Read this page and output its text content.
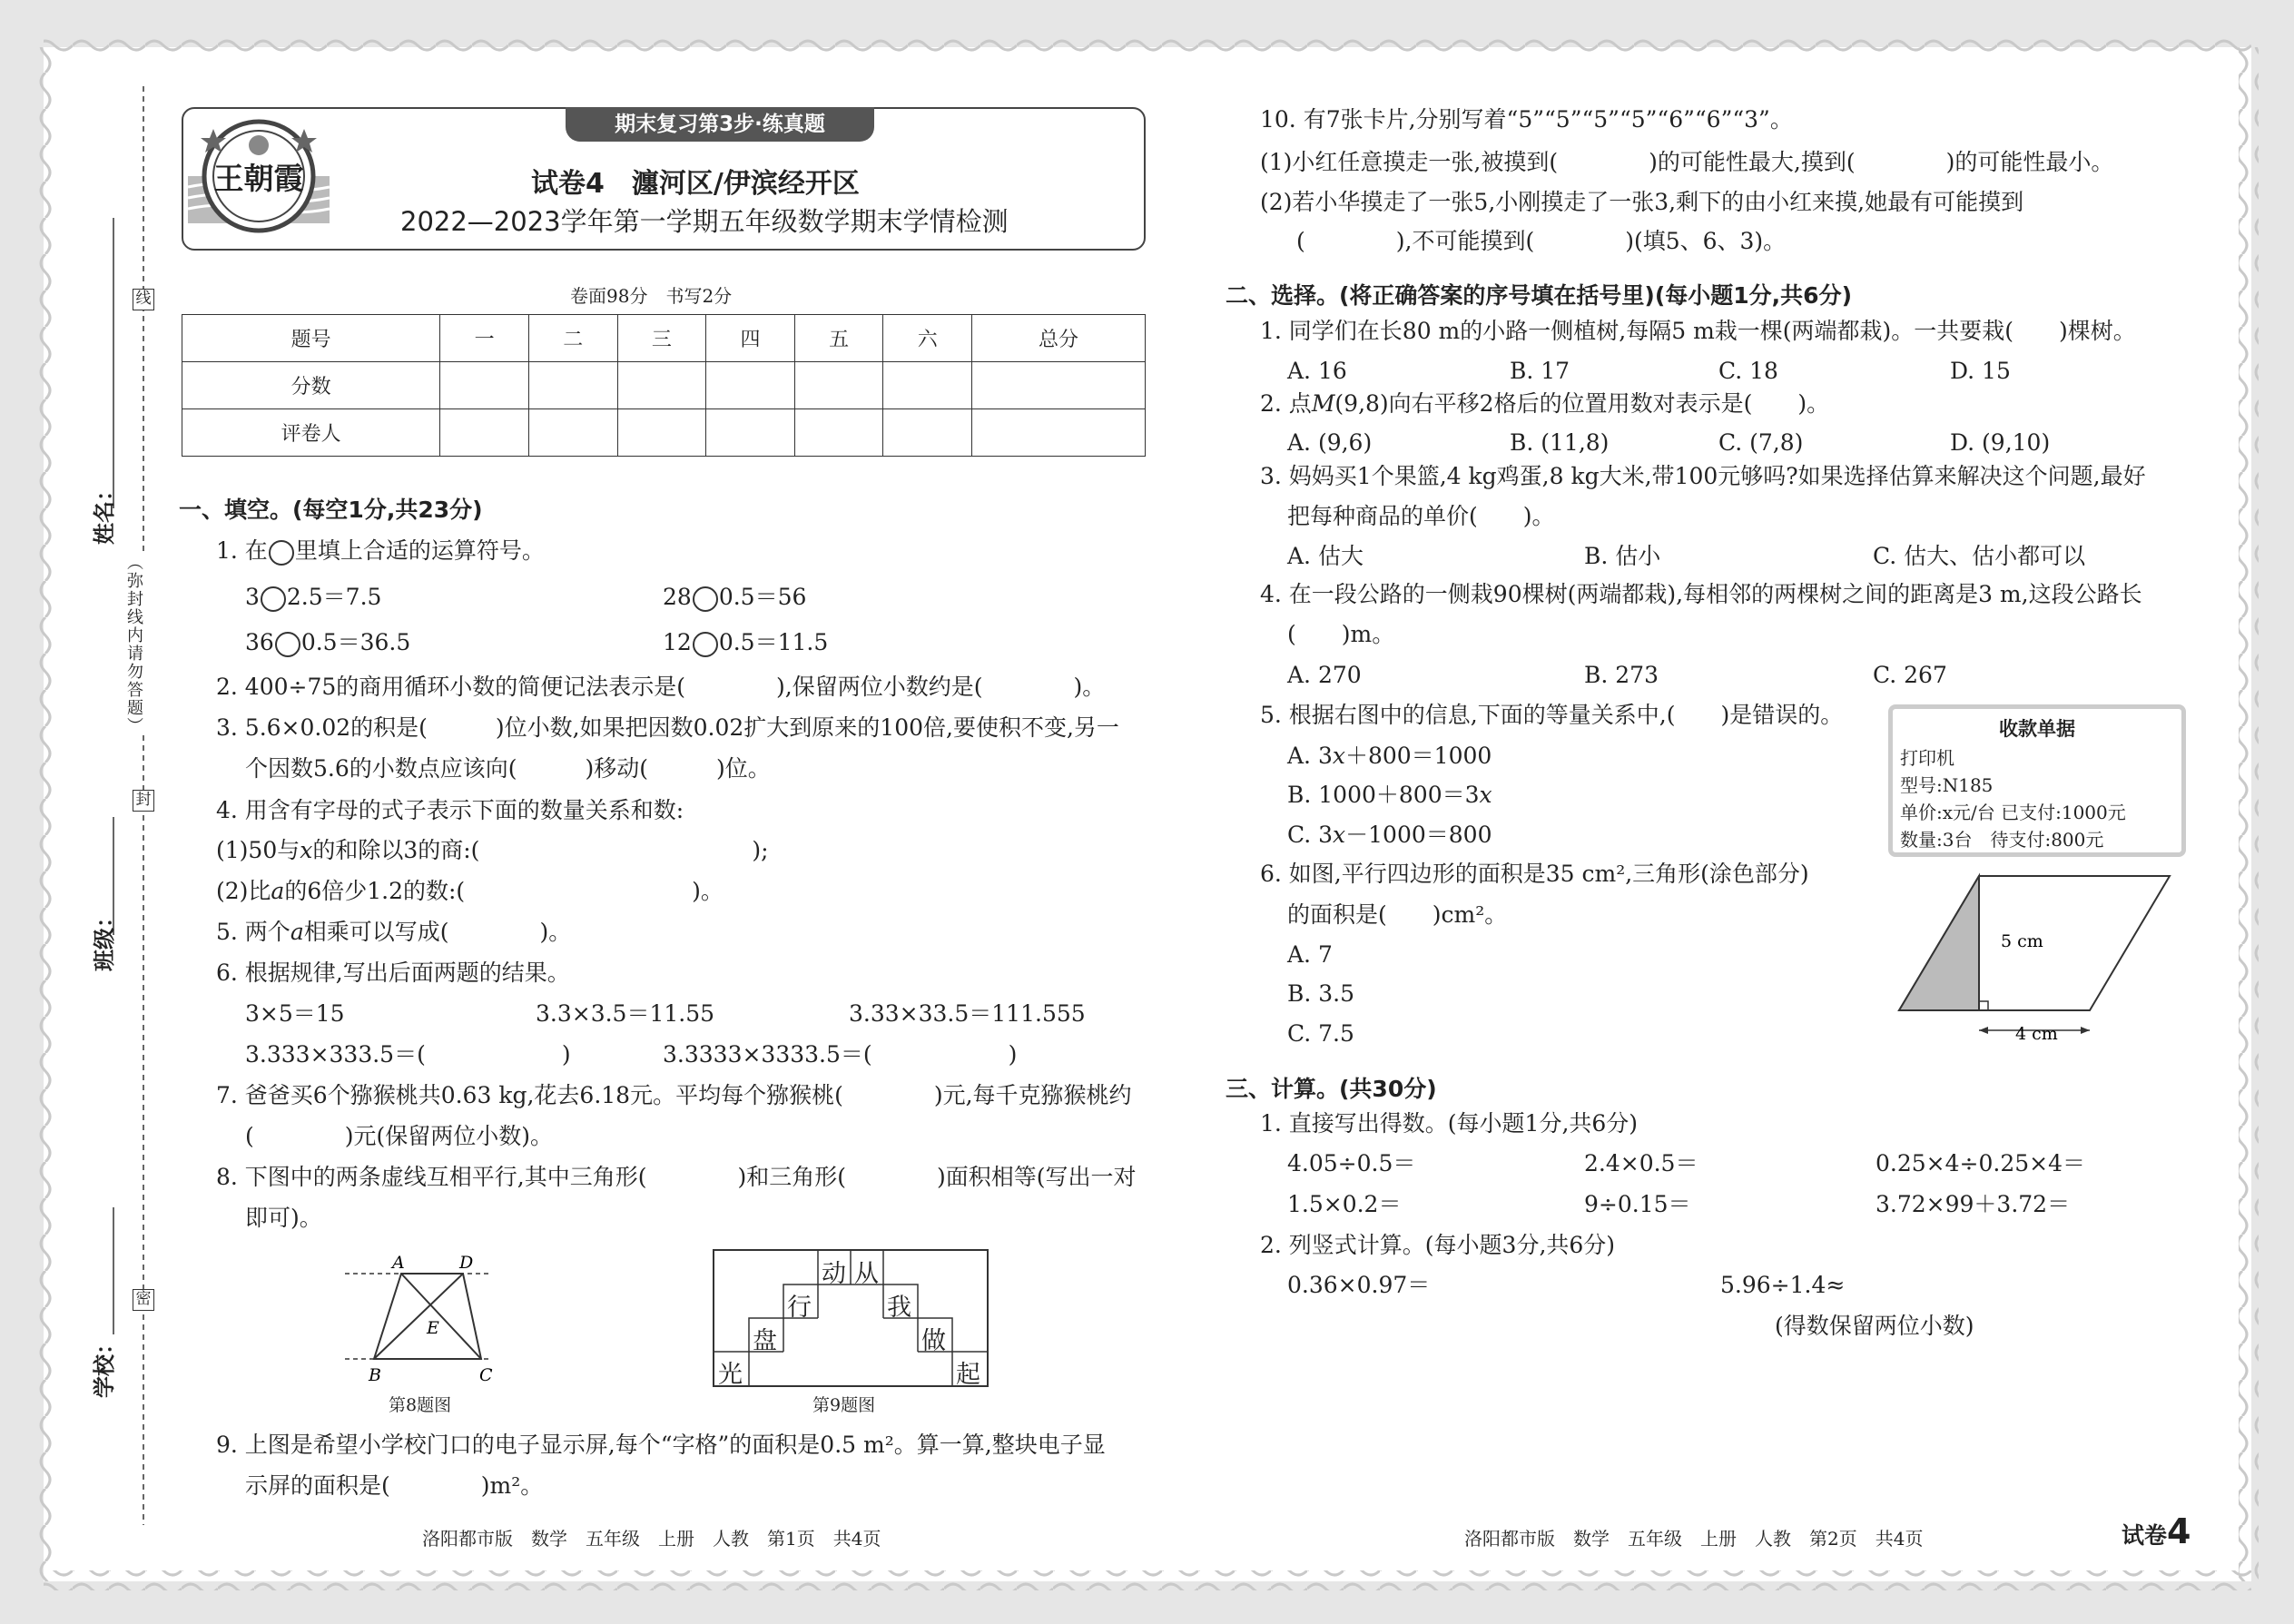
姓名：
班级：
学校：
线
封
密
（弥封线内请勿答题）
期末复习第3步·练真题
王朝霞	试卷4　瀍河区/伊滨经开区
2022—2023学年第一学期五年级数学期末学情检测
卷面98分　书写2分
题号	一	二	三	四	五	六	总分
分数							
评卷人							
一、填空。(每空1分,共23分)
1. 在 里填上合适的运算符号。
3 2.5＝7.5	28 0.5＝56
36 0.5＝36.5	12 0.5＝11.5
2. 400÷75的商用循环小数的简便记法表示是(　　　　),保留两位小数约是(　　　　)。
3. 5.6×0.02的积是(　　　)位小数,如果把因数0.02扩大到原来的100倍,要使积不变,另一
个因数5.6的小数点应该向(　　　)移动(　　　)位。
4. 用含有字母的式子表示下面的数量关系和数:
(1)50与x的和除以3的商:(　　　　　　　　　　　　);
(2)比a的6倍少1.2的数:(　　　　　　　　　　)。
5. 两个a相乘可以写成(　　　　)。
6. 根据规律,写出后面两题的结果。
3×5＝15	3.3×3.5＝11.55	3.33×33.5＝111.555
3.333×333.5＝(　　　　　　)	3.3333×3333.5＝(　　　　　　)
7. 爸爸买6个猕猴桃共0.63 kg,花去6.18元。平均每个猕猴桃(　　　　)元,每千克猕猴桃约
(　　　　)元(保留两位小数)。
8. 下图中的两条虚线互相平行,其中三角形(　　　　)和三角形(　　　　)面积相等(写出一对
即可)。
A	D
E
B	C
第8题图
动 从
行	我
盘	做
光	起
第9题图
9. 上图是希望小学校门口的电子显示屏,每个“字格”的面积是0.5 m²。算一算,整块电子显
示屏的面积是(　　　　)m²。
洛阳都市版　数学　五年级　上册　人教　第1页　共4页
10. 有7张卡片,分别写着“5”“5”“5”“5”“6”“6”“3”。
(1)小红任意摸走一张,被摸到(　　　　)的可能性最大,摸到(　　　　)的可能性最小。
(2)若小华摸走了一张5,小刚摸走了一张3,剩下的由小红来摸,她最有可能摸到
(　　　　),不可能摸到(　　　　)(填5、6、3)。
二、选择。(将正确答案的序号填在括号里)(每小题1分,共6分)
1. 同学们在长80 m的小路一侧植树,每隔5 m栽一棵(两端都栽)。一共要栽(　　)棵树。
A. 16	B. 17	C. 18	D. 15
2. 点M(9,8)向右平移2格后的位置用数对表示是(　　)。
A. (9,6)	B. (11,8)	C. (7,8)	D. (9,10)
3. 妈妈买1个果篮,4 kg鸡蛋,8 kg大米,带100元够吗?如果选择估算来解决这个问题,最好
把每种商品的单价(　　)。
A. 估大	B. 估小	C. 估大、估小都可以
4. 在一段公路的一侧栽90棵树(两端都栽),每相邻的两棵树之间的距离是3 m,这段公路长
(　　)m。
A. 270	B. 273	C. 267
5. 根据右图中的信息,下面的等量关系中,(　　)是错误的。
A. 3x＋800＝1000
B. 1000＋800＝3x
C. 3x－1000＝800
收款单据
打印机
型号:N185
单价:x元/台 已支付:1000元
数量:3台　待支付:800元
6. 如图,平行四边形的面积是35 cm²,三角形(涂色部分)
的面积是(　　)cm²。
A. 7
B. 3.5
C. 7.5
5 cm
4 cm
三、计算。(共30分)
1. 直接写出得数。(每小题1分,共6分)
4.05÷0.5＝	2.4×0.5＝	0.25×4÷0.25×4＝
1.5×0.2＝	9÷0.15＝	3.72×99＋3.72＝
2. 列竖式计算。(每小题3分,共6分)
0.36×0.97＝	5.96÷1.4≈
(得数保留两位小数)
洛阳都市版　数学　五年级　上册　人教　第2页　共4页	试卷4
